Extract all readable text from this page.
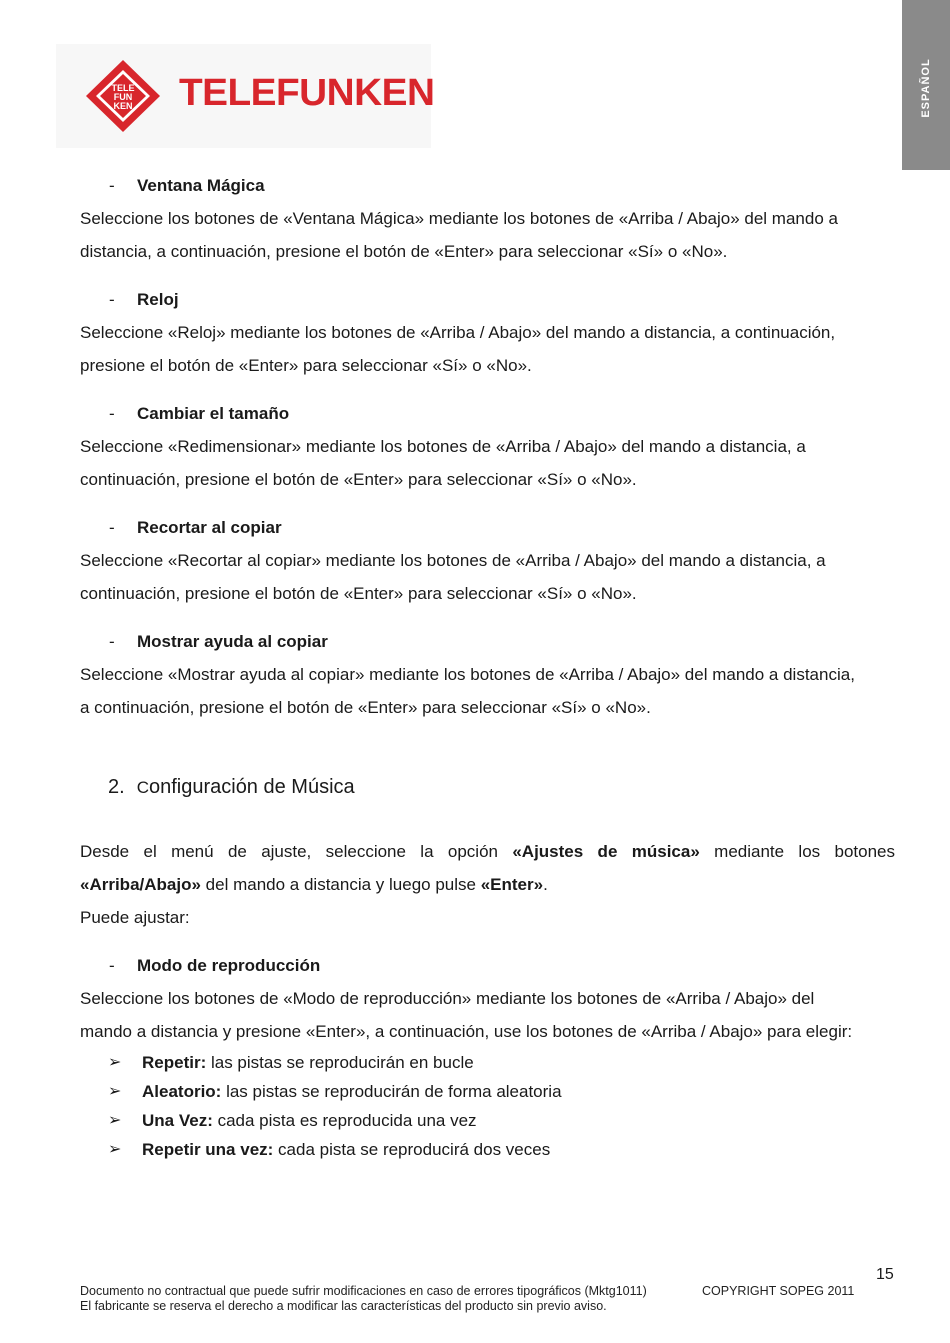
ESPAÑOL
TELE
FUN
KEN TELEFUNKEN
- Ventana Mágica
Seleccione los botones de «Ventana Mágica» mediante los botones de «Arriba / Abajo» del mando a
distancia, a continuación, presione el botón de «Enter» para seleccionar «Sí» o «No».
- Reloj
Seleccione «Reloj» mediante los botones de «Arriba / Abajo» del mando a distancia, a continuación,
presione el botón de «Enter» para seleccionar «Sí» o «No».
- Cambiar el tamaño
Seleccione «Redimensionar» mediante los botones de «Arriba / Abajo» del mando a distancia, a
continuación, presione el botón de «Enter» para seleccionar «Sí» o «No».
- Recortar al copiar
Seleccione «Recortar al copiar» mediante los botones de «Arriba / Abajo» del mando a distancia, a
continuación, presione el botón de «Enter» para seleccionar «Sí» o «No».
- Mostrar ayuda al copiar
Seleccione «Mostrar ayuda al copiar» mediante los botones de «Arriba / Abajo» del mando a distancia,
a continuación, presione el botón de «Enter» para seleccionar «Sí» o «No».
2. Configuración de Música
Desde el menú de ajuste, seleccione la opción «Ajustes de música» mediante los botones
«Arriba/Abajo» del mando a distancia y luego pulse «Enter».
Puede ajustar:
- Modo de reproducción
Seleccione los botones de «Modo de reproducción» mediante los botones de «Arriba / Abajo» del
mando a distancia y presione «Enter», a continuación, use los botones de «Arriba / Abajo» para elegir:
➢ Repetir: las pistas se reproducirán en bucle
➢ Aleatorio: las pistas se reproducirán de forma aleatoria
➢ Una Vez: cada pista es reproducida una vez
➢ Repetir una vez: cada pista se reproducirá dos veces
15
Documento no contractual que puede sufrir modificaciones en caso de errores tipográficos (Mktg1011)	COPYRIGHT SOPEG 2011
El fabricante se reserva el derecho a modificar las características del producto sin previo aviso.
